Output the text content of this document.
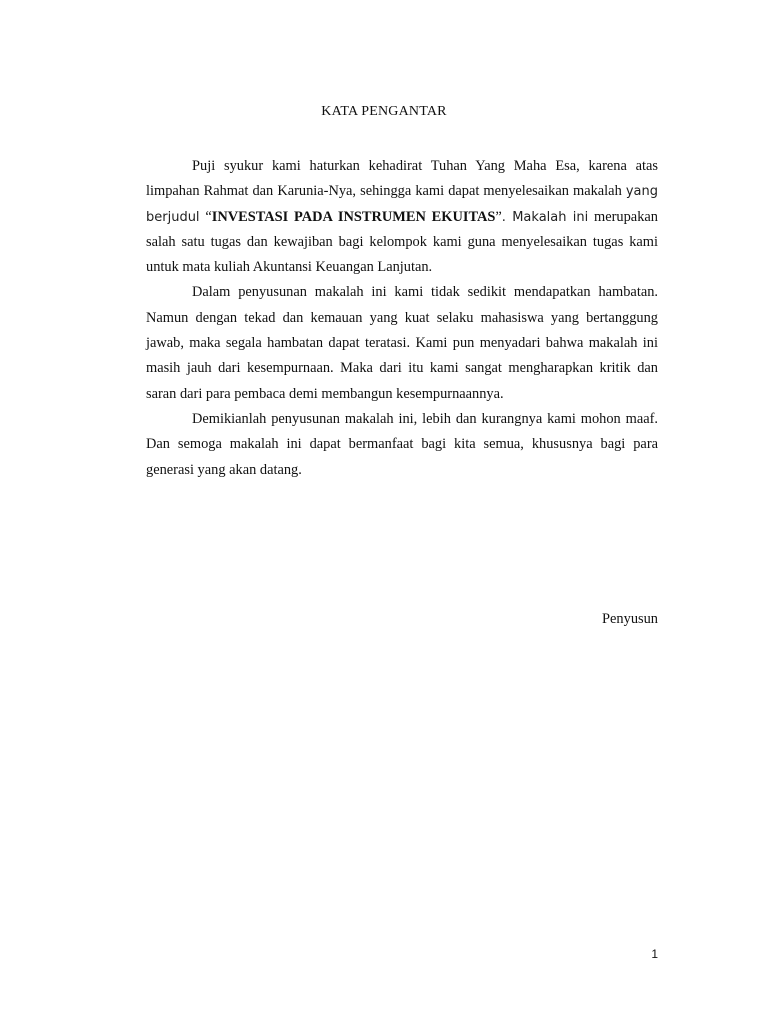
KATA PENGANTAR

Puji syukur kami haturkan kehadirat Tuhan Yang Maha Esa, karena atas limpahan Rahmat dan Karunia-Nya, sehingga kami dapat menyelesaikan makalah yang berjudul “INVESTASI PADA INSTRUMEN EKUITAS”. Makalah ini merupakan salah satu tugas dan kewajiban bagi kelompok kami guna menyelesaikan tugas kami untuk mata kuliah Akuntansi Keuangan Lanjutan.

Dalam penyusunan makalah ini kami tidak sedikit mendapatkan hambatan. Namun dengan tekad dan kemauan yang kuat selaku mahasiswa yang bertanggung jawab, maka segala hambatan dapat teratasi. Kami pun menyadari bahwa makalah ini masih jauh dari kesempurnaan. Maka dari itu kami sangat mengharapkan kritik dan saran dari para pembaca demi membangun kesempurnaannya.

Demikianlah penyusunan makalah ini, lebih dan kurangnya kami mohon maaf. Dan semoga makalah ini dapat bermanfaat bagi kita semua, khususnya bagi para generasi yang akan datang.

Penyusun
1
